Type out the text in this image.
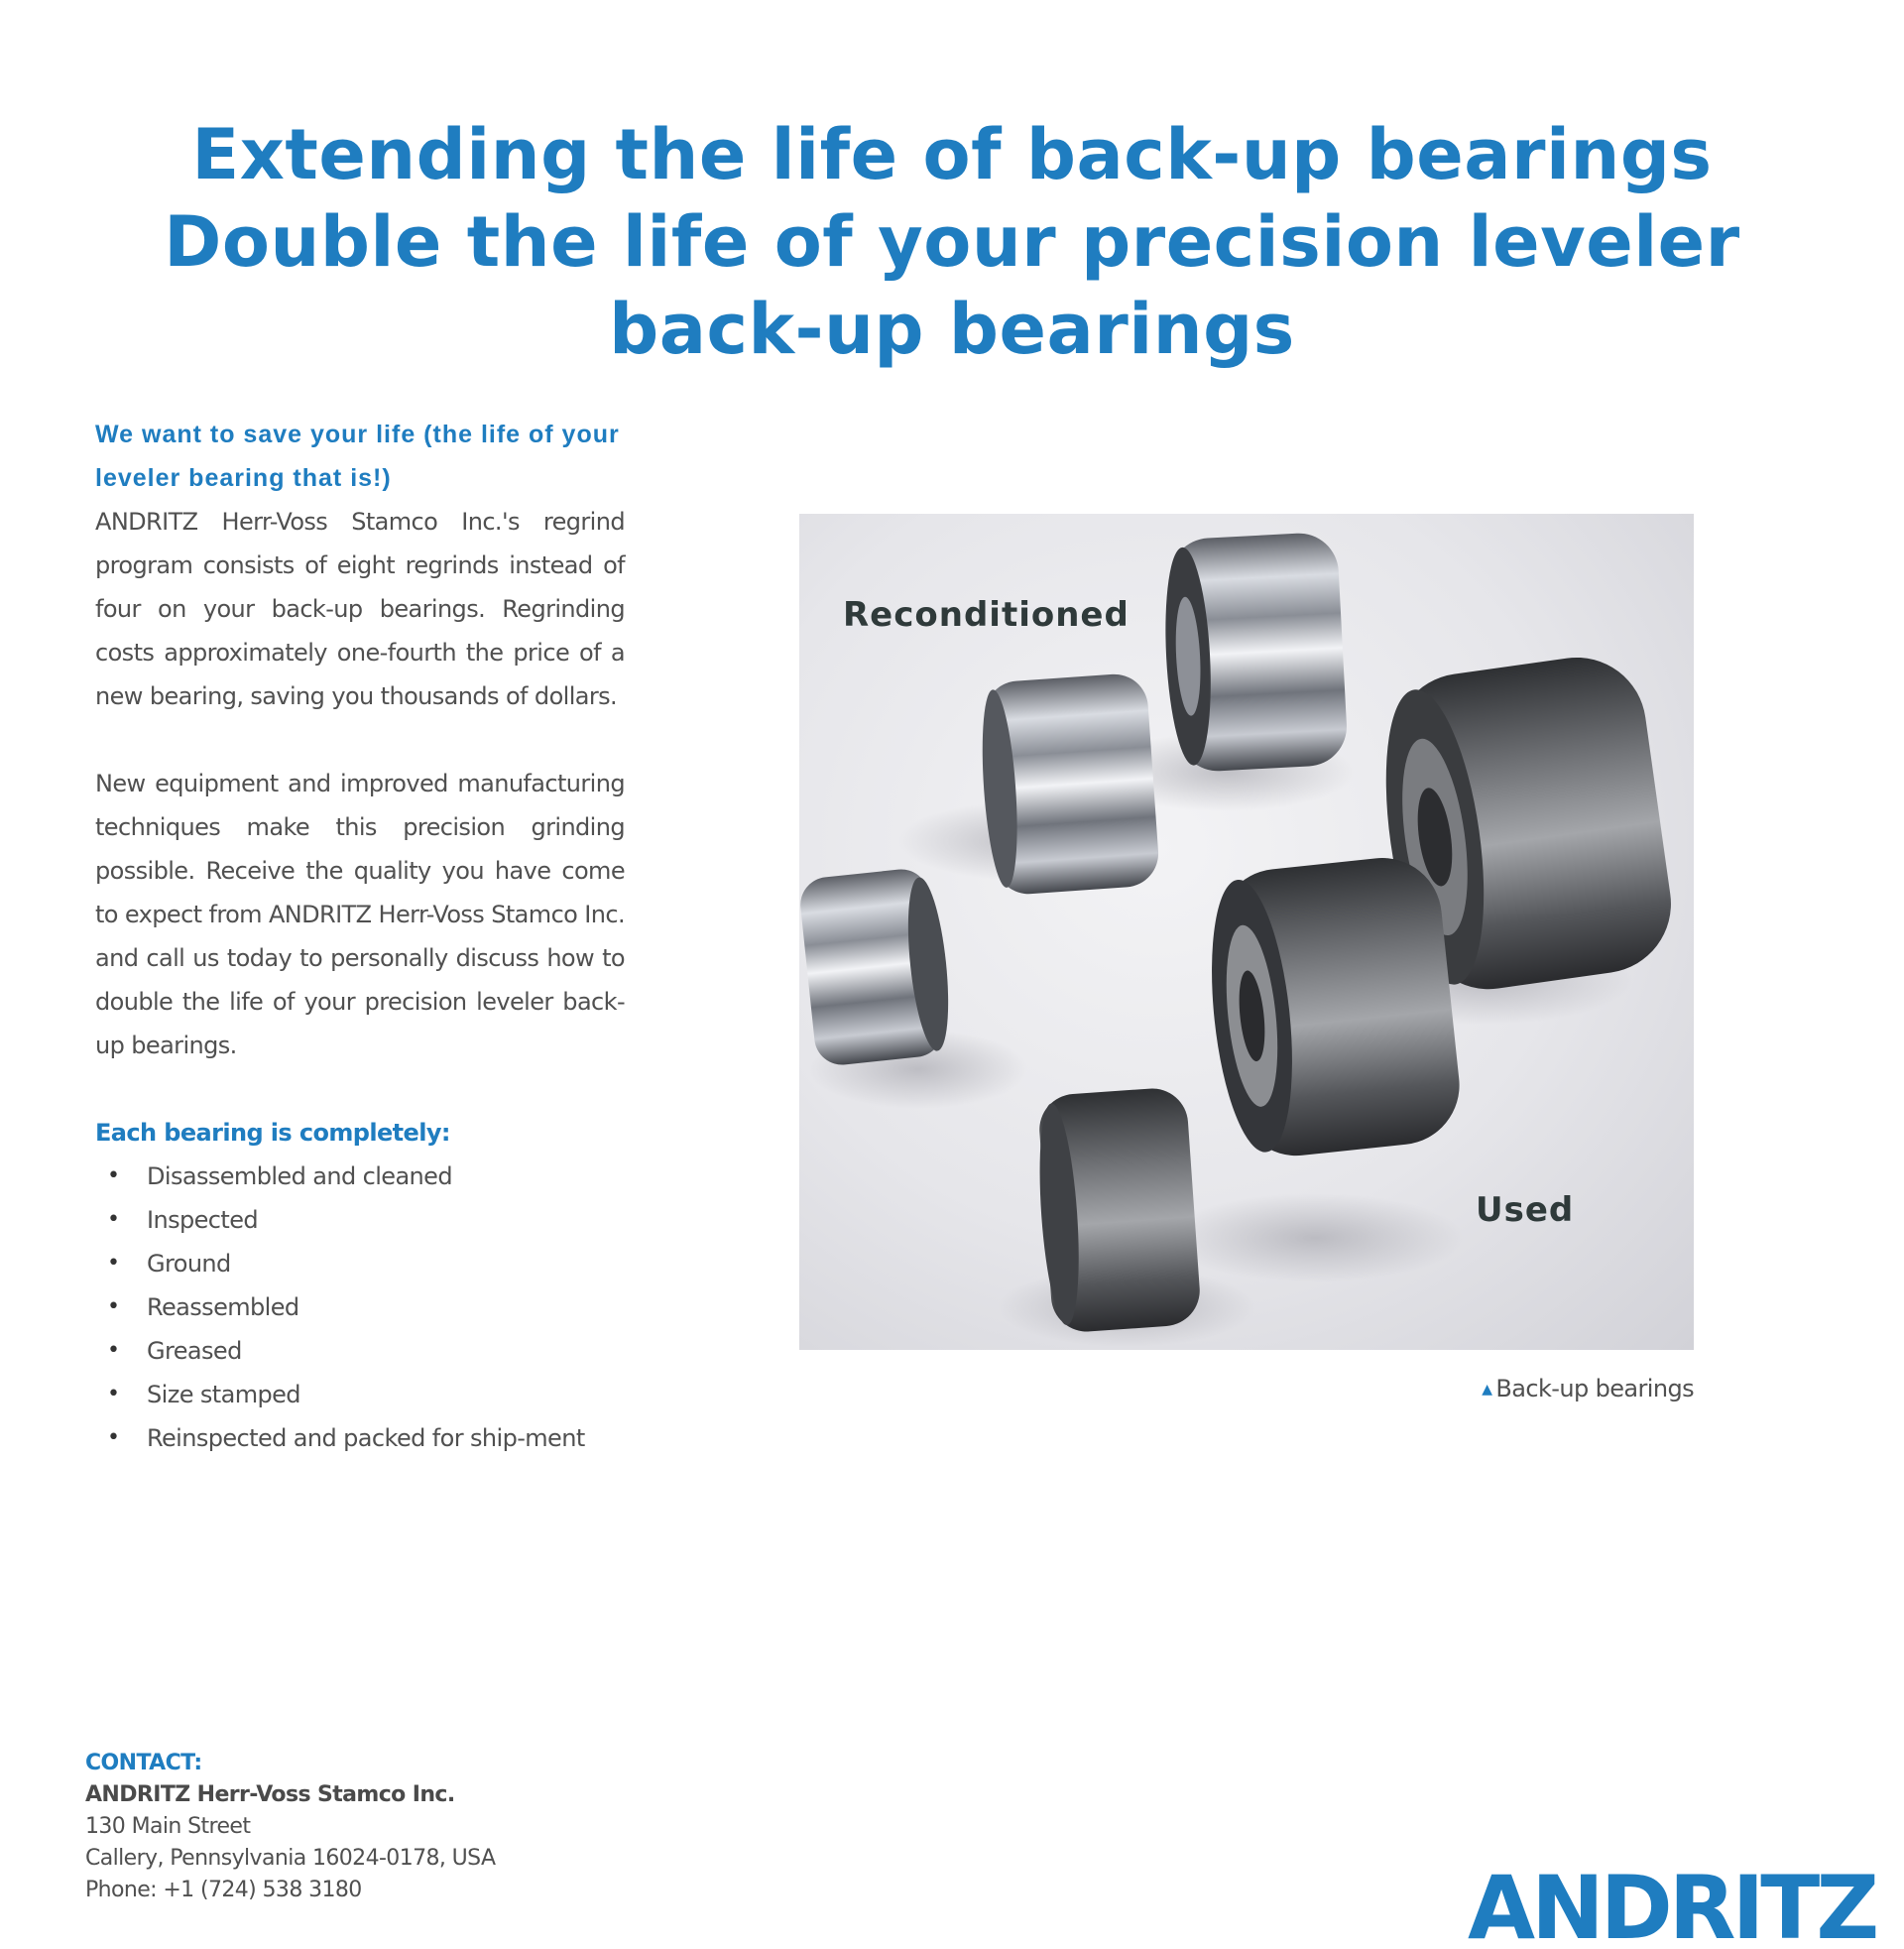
Extending the life of back-up bearings
Double the life of your precision leveler
back-up bearings
We want to save your life (the life of your leveler bearing that is!)
ANDRITZ Herr-Voss Stamco Inc.'s regrind program consists of eight regrinds instead of four on your back-up bearings. Regrinding costs approximately one-fourth the price of a new bearing, saving you thousands of dollars.
New equipment and improved manufacturing techniques make this precision grinding possible. Receive the quality you have come to expect from ANDRITZ Herr-Voss Stamco Inc. and call us today to personally discuss how to double the life of your precision leveler back-up bearings.
Each bearing is completely:
• Disassembled and cleaned
• Inspected
• Ground
• Reassembled
• Greased
• Size stamped
• Reinspected and packed for ship-ment
Reconditioned
Used
▲ Back-up bearings
CONTACT:
ANDRITZ Herr-Voss Stamco Inc.
130 Main Street
Callery, Pennsylvania 16024-0178, USA
Phone: +1 (724) 538 3180	ANDRITZ
